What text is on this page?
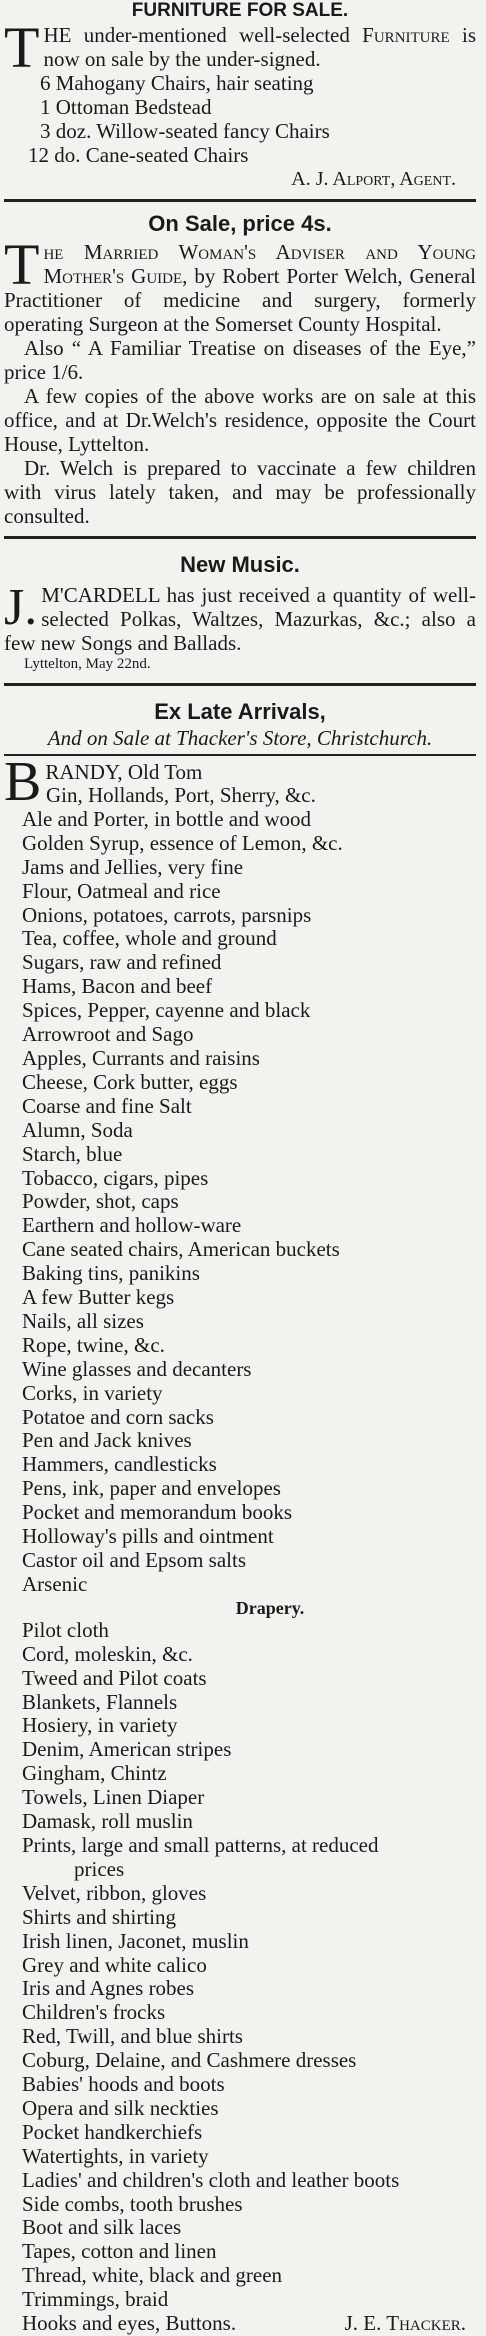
FURNITURE FOR SALE.
T HE under-mentioned well-selected Furniture is now on sale by the under-signed.
6 Mahogany Chairs, hair seating
1 Ottoman Bedstead
3 doz. Willow-seated fancy Chairs
12 do. Cane-seated Chairs
A. J. Alport, Agent.
On Sale, price 4s.
T he Married Woman's Adviser and Young Mother's Guide, by Robert Porter Welch, General Practitioner of medicine and surgery, formerly operating Surgeon at the Somerset County Hospital.
Also “ A Familiar Treatise on diseases of the Eye,” price 1/6.
A few copies of the above works are on sale at this office, and at Dr.Welch's residence, opposite the Court House, Lyttelton.
Dr. Welch is prepared to vaccinate a few children with virus lately taken, and may be professionally consulted.
New Music.
J. M'CARDELL has just received a quantity of well-selected Polkas, Waltzes, Mazurkas, &c.; also a few new Songs and Ballads.
Lyttelton, May 22nd.
Ex Late Arrivals,
And on Sale at Thacker's Store, Christchurch.
B RANDY, Old Tom
Gin, Hollands, Port, Sherry, &c.
Ale and Porter, in bottle and wood
Golden Syrup, essence of Lemon, &c.
Jams and Jellies, very fine
Flour, Oatmeal and rice
Onions, potatoes, carrots, parsnips
Tea, coffee, whole and ground
Sugars, raw and refined
Hams, Bacon and beef
Spices, Pepper, cayenne and black
Arrowroot and Sago
Apples, Currants and raisins
Cheese, Cork butter, eggs
Coarse and fine Salt
Alumn, Soda
Starch, blue
Tobacco, cigars, pipes
Powder, shot, caps
Earthern and hollow-ware
Cane seated chairs, American buckets
Baking tins, panikins
A few Butter kegs
Nails, all sizes
Rope, twine, &c.
Wine glasses and decanters
Corks, in variety
Potatoe and corn sacks
Pen and Jack knives
Hammers, candlesticks
Pens, ink, paper and envelopes
Pocket and memorandum books
Holloway's pills and ointment
Castor oil and Epsom salts
Arsenic
Drapery.
Pilot cloth
Cord, moleskin, &c.
Tweed and Pilot coats
Blankets, Flannels
Hosiery, in variety
Denim, American stripes
Gingham, Chintz
Towels, Linen Diaper
Damask, roll muslin
Prints, large and small patterns, at reduced
prices
Velvet, ribbon, gloves
Shirts and shirting
Irish linen, Jaconet, muslin
Grey and white calico
Iris and Agnes robes
Children's frocks
Red, Twill, and blue shirts
Coburg, Delaine, and Cashmere dresses
Babies' hoods and boots
Opera and silk neckties
Pocket handkerchiefs
Watertights, in variety
Ladies' and children's cloth and leather boots
Side combs, tooth brushes
Boot and silk laces
Tapes, cotton and linen
Thread, white, black and green
Trimmings, braid
Hooks and eyes, Buttons.	J. E. Thacker.
